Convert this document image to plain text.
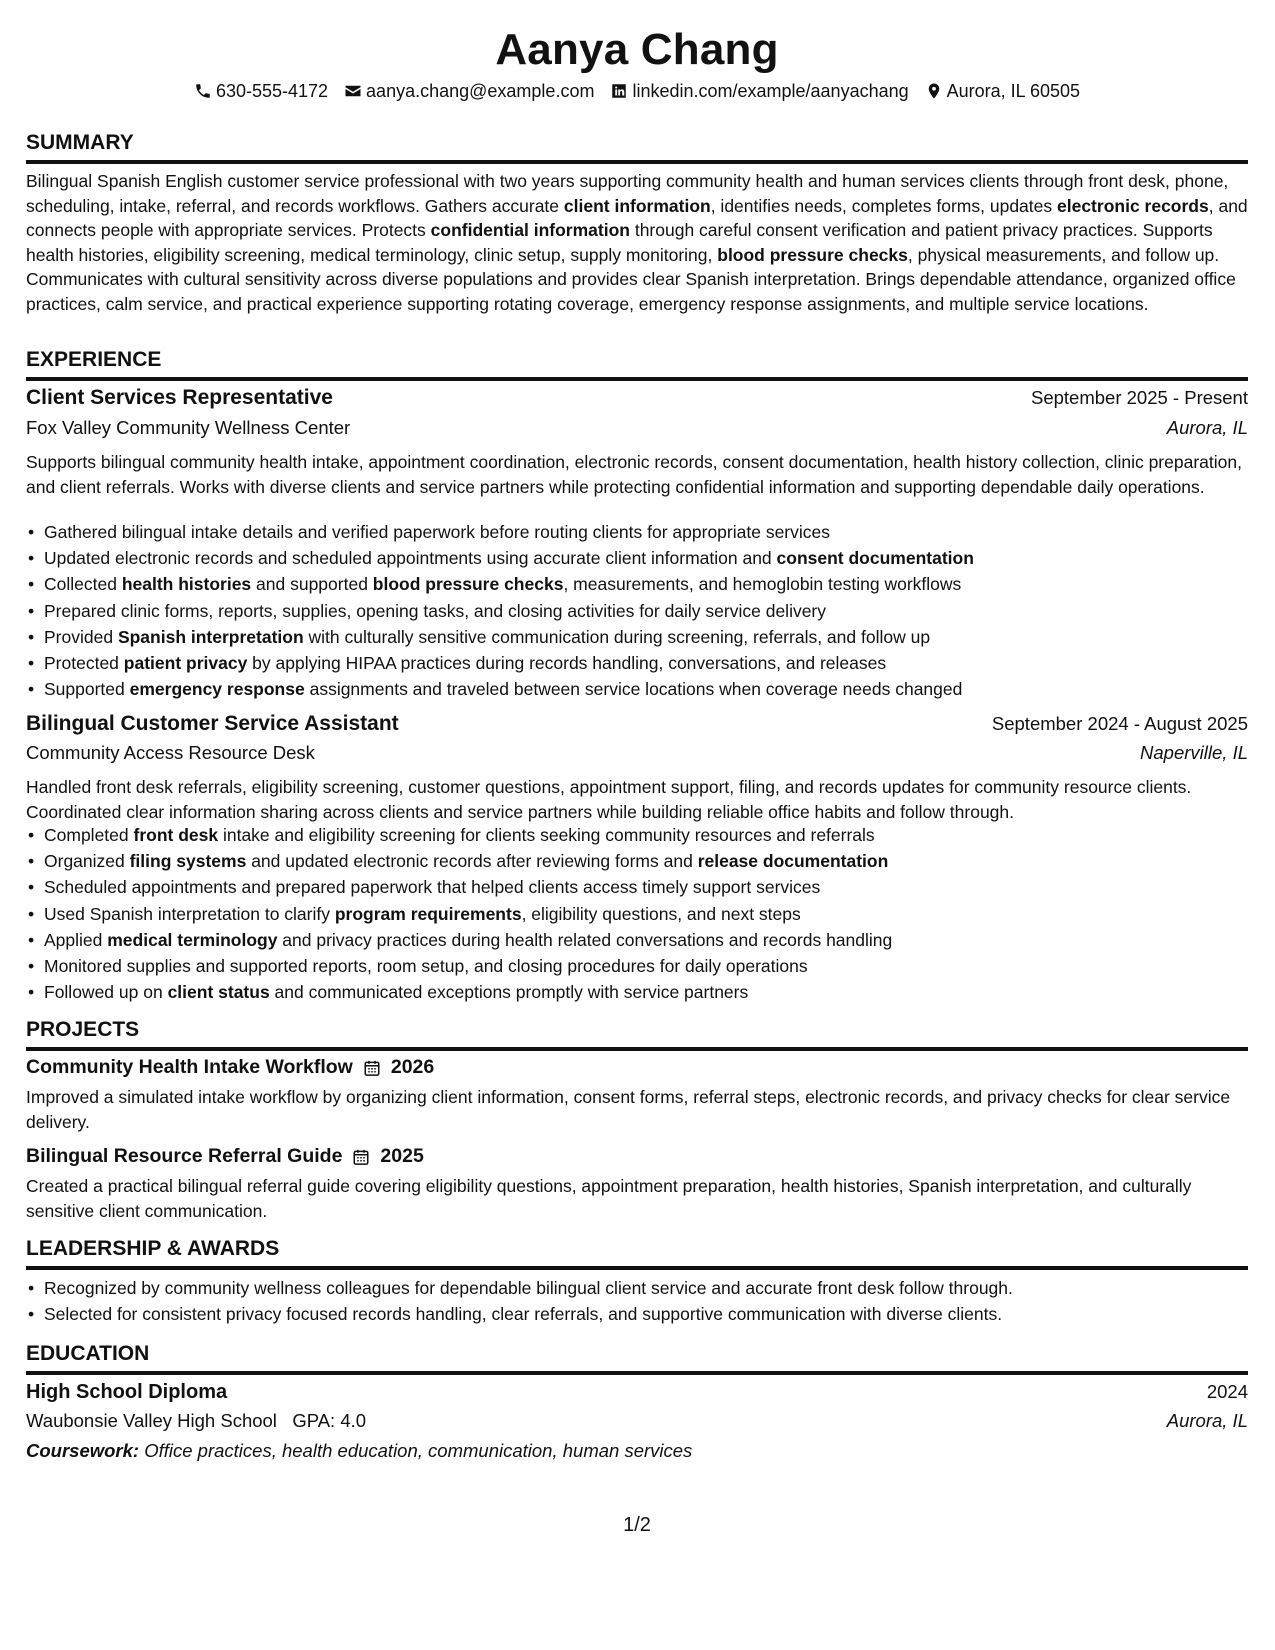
Aanya Chang
630-555-4172 aanya.chang@example.com linkedin.com/example/aanyachang Aurora, IL 60505
SUMMARY
Bilingual Spanish English customer service professional with two years supporting community health and human services clients through front desk, phone, scheduling, intake, referral, and records workflows. Gathers accurate client information, identifies needs, completes forms, updates electronic records, and connects people with appropriate services. Protects confidential information through careful consent verification and patient privacy practices. Supports health histories, eligibility screening, medical terminology, clinic setup, supply monitoring, blood pressure checks, physical measurements, and follow up. Communicates with cultural sensitivity across diverse populations and provides clear Spanish interpretation. Brings dependable attendance, organized office practices, calm service, and practical experience supporting rotating coverage, emergency response assignments, and multiple service locations.
EXPERIENCE
Client Services Representative	September 2025 - Present
Fox Valley Community Wellness Center	Aurora, IL
Supports bilingual community health intake, appointment coordination, electronic records, consent documentation, health history collection, clinic preparation, and client referrals. Works with diverse clients and service partners while protecting confidential information and supporting dependable daily operations.
• Gathered bilingual intake details and verified paperwork before routing clients for appropriate services
• Updated electronic records and scheduled appointments using accurate client information and consent documentation
• Collected health histories and supported blood pressure checks, measurements, and hemoglobin testing workflows
• Prepared clinic forms, reports, supplies, opening tasks, and closing activities for daily service delivery
• Provided Spanish interpretation with culturally sensitive communication during screening, referrals, and follow up
• Protected patient privacy by applying HIPAA practices during records handling, conversations, and releases
• Supported emergency response assignments and traveled between service locations when coverage needs changed
Bilingual Customer Service Assistant	September 2024 - August 2025
Community Access Resource Desk	Naperville, IL
Handled front desk referrals, eligibility screening, customer questions, appointment support, filing, and records updates for community resource clients. Coordinated clear information sharing across clients and service partners while building reliable office habits and follow through.
• Completed front desk intake and eligibility screening for clients seeking community resources and referrals
• Organized filing systems and updated electronic records after reviewing forms and release documentation
• Scheduled appointments and prepared paperwork that helped clients access timely support services
• Used Spanish interpretation to clarify program requirements, eligibility questions, and next steps
• Applied medical terminology and privacy practices during health related conversations and records handling
• Monitored supplies and supported reports, room setup, and closing procedures for daily operations
• Followed up on client status and communicated exceptions promptly with service partners
PROJECTS
Community Health Intake Workflow 2026
Improved a simulated intake workflow by organizing client information, consent forms, referral steps, electronic records, and privacy checks for clear service delivery.
Bilingual Resource Referral Guide 2025
Created a practical bilingual referral guide covering eligibility questions, appointment preparation, health histories, Spanish interpretation, and culturally sensitive client communication.
LEADERSHIP & AWARDS
• Recognized by community wellness colleagues for dependable bilingual client service and accurate front desk follow through.
• Selected for consistent privacy focused records handling, clear referrals, and supportive communication with diverse clients.
EDUCATION
High School Diploma	2024
Waubonsie Valley High School GPA: 4.0	Aurora, IL
Coursework: Office practices, health education, communication, human services
1/2
